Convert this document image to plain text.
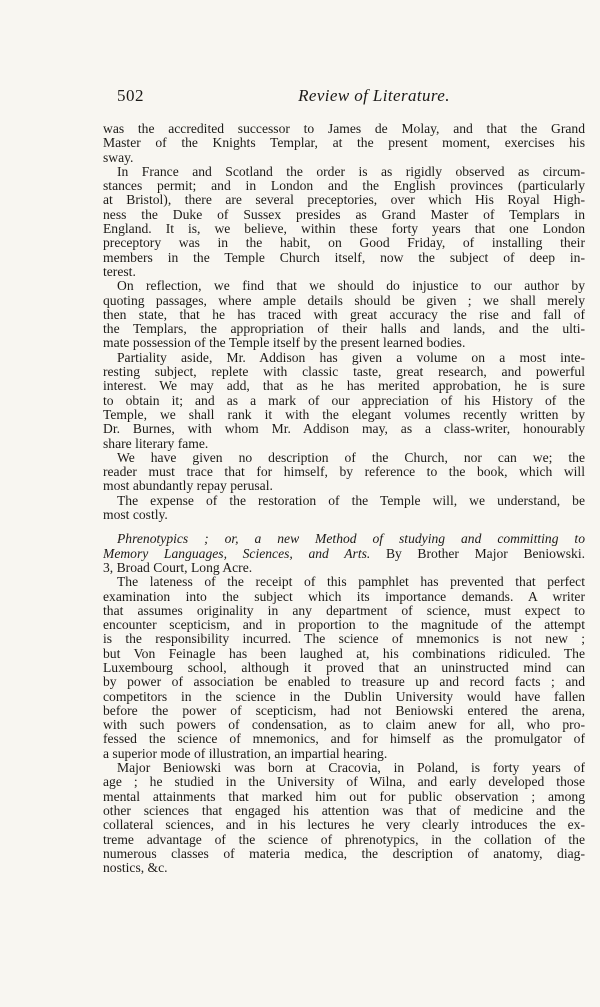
502	Review of Literature.
was the accredited successor to James de Molay, and that the Grand
Master of the Knights Templar, at the present moment, exercises his
sway.
In France and Scotland the order is as rigidly observed as circum-
stances permit; and in London and the English provinces (particularly
at Bristol), there are several preceptories, over which His Royal High-
ness the Duke of Sussex presides as Grand Master of Templars in
England. It is, we believe, within these forty years that one London
preceptory was in the habit, on Good Friday, of installing their
members in the Temple Church itself, now the subject of deep in-
terest.
On reflection, we find that we should do injustice to our author by
quoting passages, where ample details should be given ; we shall merely
then state, that he has traced with great accuracy the rise and fall of
the Templars, the appropriation of their halls and lands, and the ulti-
mate possession of the Temple itself by the present learned bodies.
Partiality aside, Mr. Addison has given a volume on a most inte-
resting subject, replete with classic taste, great research, and powerful
interest. We may add, that as he has merited approbation, he is sure
to obtain it; and as a mark of our appreciation of his History of the
Temple, we shall rank it with the elegant volumes recently written by
Dr. Burnes, with whom Mr. Addison may, as a class-writer, honourably
share literary fame.
We have given no description of the Church, nor can we; the
reader must trace that for himself, by reference to the book, which will
most abundantly repay perusal.
The expense of the restoration of the Temple will, we understand, be
most costly.
Phrenotypics ; or, a new Method of studying and committing to
Memory Languages, Sciences, and Arts. By Brother Major Beniowski.
3, Broad Court, Long Acre.
The lateness of the receipt of this pamphlet has prevented that perfect
examination into the subject which its importance demands. A writer
that assumes originality in any department of science, must expect to
encounter scepticism, and in proportion to the magnitude of the attempt
is the responsibility incurred. The science of mnemonics is not new ;
but Von Feinagle has been laughed at, his combinations ridiculed. The
Luxembourg school, although it proved that an uninstructed mind can
by power of association be enabled to treasure up and record facts ; and
competitors in the science in the Dublin University would have fallen
before the power of scepticism, had not Beniowski entered the arena,
with such powers of condensation, as to claim anew for all, who pro-
fessed the science of mnemonics, and for himself as the promulgator of
a superior mode of illustration, an impartial hearing.
Major Beniowski was born at Cracovia, in Poland, is forty years of
age ; he studied in the University of Wilna, and early developed those
mental attainments that marked him out for public observation ; among
other sciences that engaged his attention was that of medicine and the
collateral sciences, and in his lectures he very clearly introduces the ex-
treme advantage of the science of phrenotypics, in the collation of the
numerous classes of materia medica, the description of anatomy, diag-
nostics, &c.
